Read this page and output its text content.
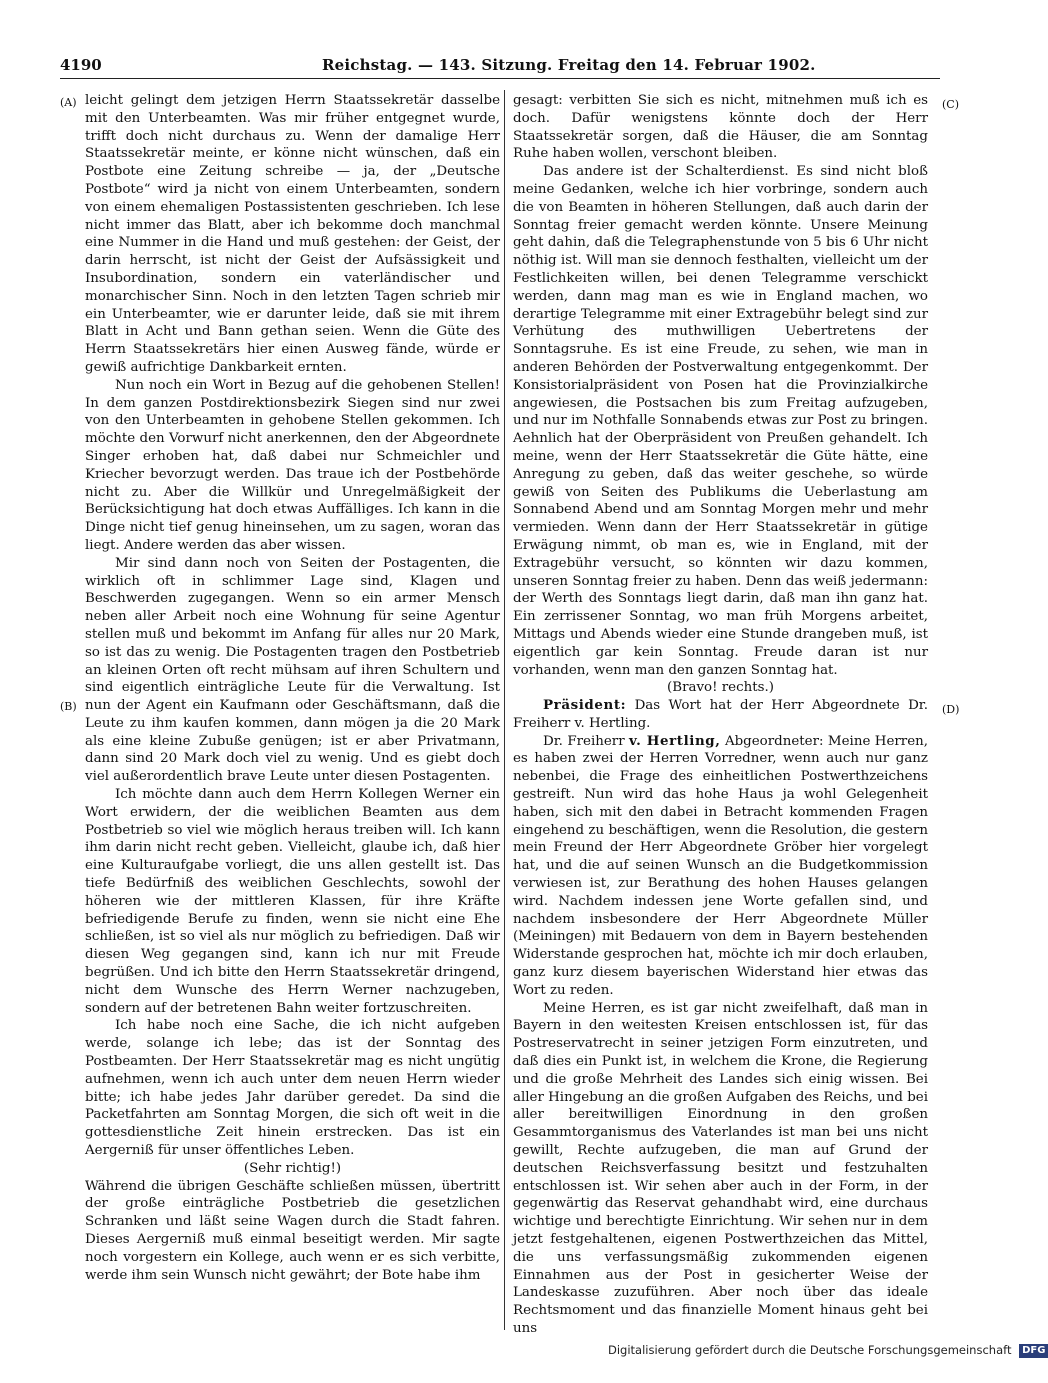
4190	Reichstag. — 143. Sitzung. Freitag den 14. Februar 1902.
(A)
(B)
(C)
(D)

leicht gelingt dem jetzigen Herrn Staatssekretär dasselbe mit den Unterbeamten. Was mir früher entgegnet wurde, trifft doch nicht durchaus zu. Wenn der damalige Herr Staatssekretär meinte, er könne nicht wünschen, daß ein Postbote eine Zeitung schreibe — ja, der „Deutsche Postbote“ wird ja nicht von einem Unterbeamten, sondern von einem ehemaligen Postassistenten geschrieben. Ich lese nicht immer das Blatt, aber ich bekomme doch manchmal eine Nummer in die Hand und muß gestehen: der Geist, der darin herrscht, ist nicht der Geist der Aufsässigkeit und Insubordination, sondern ein vaterländischer und monarchischer Sinn. Noch in den letzten Tagen schrieb mir ein Unterbeamter, wie er darunter leide, daß sie mit ihrem Blatt in Acht und Bann gethan seien. Wenn die Güte des Herrn Staatssekretärs hier einen Ausweg fände, würde er gewiß aufrichtige Dankbarkeit ernten.

Nun noch ein Wort in Bezug auf die gehobenen Stellen! In dem ganzen Postdirektionsbezirk Siegen sind nur zwei von den Unterbeamten in gehobene Stellen gekommen. Ich möchte den Vorwurf nicht anerkennen, den der Abgeordnete Singer erhoben hat, daß dabei nur Schmeichler und Kriecher bevorzugt werden. Das traue ich der Postbehörde nicht zu. Aber die Willkür und Unregelmäßigkeit der Berücksichtigung hat doch etwas Auffälliges. Ich kann in die Dinge nicht tief genug hineinsehen, um zu sagen, woran das liegt. Andere werden das aber wissen.

Mir sind dann noch von Seiten der Postagenten, die wirklich oft in schlimmer Lage sind, Klagen und Beschwerden zugegangen. Wenn so ein armer Mensch neben aller Arbeit noch eine Wohnung für seine Agentur stellen muß und bekommt im Anfang für alles nur 20 Mark, so ist das zu wenig. Die Postagenten tragen den Postbetrieb an kleinen Orten oft recht mühsam auf ihren Schultern und sind eigentlich einträgliche Leute für die Verwaltung. Ist nun der Agent ein Kaufmann oder Geschäftsmann, daß die Leute zu ihm kaufen kommen, dann mögen ja die 20 Mark als eine kleine Zubuße genügen; ist er aber Privatmann, dann sind 20 Mark doch viel zu wenig. Und es giebt doch viel außerordentlich brave Leute unter diesen Postagenten.

Ich möchte dann auch dem Herrn Kollegen Werner ein Wort erwidern, der die weiblichen Beamten aus dem Postbetrieb so viel wie möglich heraus treiben will. Ich kann ihm darin nicht recht geben. Vielleicht, glaube ich, daß hier eine Kulturaufgabe vorliegt, die uns allen gestellt ist. Das tiefe Bedürfniß des weiblichen Geschlechts, sowohl der höheren wie der mittleren Klassen, für ihre Kräfte befriedigende Berufe zu finden, wenn sie nicht eine Ehe schließen, ist so viel als nur möglich zu befriedigen. Daß wir diesen Weg gegangen sind, kann ich nur mit Freude begrüßen. Und ich bitte den Herrn Staatssekretär dringend, nicht dem Wunsche des Herrn Werner nachzugeben, sondern auf der betretenen Bahn weiter fortzuschreiten.

Ich habe noch eine Sache, die ich nicht aufgeben werde, solange ich lebe; das ist der Sonntag des Postbeamten. Der Herr Staatssekretär mag es nicht ungütig aufnehmen, wenn ich auch unter dem neuen Herrn wieder bitte; ich habe jedes Jahr darüber geredet. Da sind die Packetfahrten am Sonntag Morgen, die sich oft weit in die gottesdienstliche Zeit hinein erstrecken. Das ist ein Aergerniß für unser öffentliches Leben.

(Sehr richtig!)

Während die übrigen Geschäfte schließen müssen, übertritt der große einträgliche Postbetrieb die gesetzlichen Schranken und läßt seine Wagen durch die Stadt fahren. Dieses Aergerniß muß einmal beseitigt werden. Mir sagte noch vorgestern ein Kollege, auch wenn er es sich verbitte, werde ihm sein Wunsch nicht gewährt; der Bote habe ihm

gesagt: verbitten Sie sich es nicht, mitnehmen muß ich es doch. Dafür wenigstens könnte doch der Herr Staatssekretär sorgen, daß die Häuser, die am Sonntag Ruhe haben wollen, verschont bleiben.

Das andere ist der Schalterdienst. Es sind nicht bloß meine Gedanken, welche ich hier vorbringe, sondern auch die von Beamten in höheren Stellungen, daß auch darin der Sonntag freier gemacht werden könnte. Unsere Meinung geht dahin, daß die Telegraphenstunde von 5 bis 6 Uhr nicht nöthig ist. Will man sie dennoch festhalten, vielleicht um der Festlichkeiten willen, bei denen Telegramme verschickt werden, dann mag man es wie in England machen, wo derartige Telegramme mit einer Extragebühr belegt sind zur Verhütung des muthwilligen Uebertretens der Sonntagsruhe. Es ist eine Freude, zu sehen, wie man in anderen Behörden der Postverwaltung entgegenkommt. Der Konsistorialpräsident von Posen hat die Provinzialkirche angewiesen, die Postsachen bis zum Freitag aufzugeben, und nur im Nothfalle Sonnabends etwas zur Post zu bringen. Aehnlich hat der Oberpräsident von Preußen gehandelt. Ich meine, wenn der Herr Staatssekretär die Güte hätte, eine Anregung zu geben, daß das weiter geschehe, so würde gewiß von Seiten des Publikums die Ueberlastung am Sonnabend Abend und am Sonntag Morgen mehr und mehr vermieden. Wenn dann der Herr Staatssekretär in gütige Erwägung nimmt, ob man es, wie in England, mit der Extragebühr versucht, so könnten wir dazu kommen, unseren Sonntag freier zu haben. Denn das weiß jedermann: der Werth des Sonntags liegt darin, daß man ihn ganz hat. Ein zerrissener Sonntag, wo man früh Morgens arbeitet, Mittags und Abends wieder eine Stunde drangeben muß, ist eigentlich gar kein Sonntag. Freude daran ist nur vorhanden, wenn man den ganzen Sonntag hat.

(Bravo! rechts.)

Präsident: Das Wort hat der Herr Abgeordnete Dr. Freiherr v. Hertling.

Dr. Freiherr v. Hertling, Abgeordneter: Meine Herren, es haben zwei der Herren Vorredner, wenn auch nur ganz nebenbei, die Frage des einheitlichen Postwerthzeichens gestreift. Nun wird das hohe Haus ja wohl Gelegenheit haben, sich mit den dabei in Betracht kommenden Fragen eingehend zu beschäftigen, wenn die Resolution, die gestern mein Freund der Herr Abgeordnete Gröber hier vorgelegt hat, und die auf seinen Wunsch an die Budgetkommission verwiesen ist, zur Berathung des hohen Hauses gelangen wird. Nachdem indessen jene Worte gefallen sind, und nachdem insbesondere der Herr Abgeordnete Müller (Meiningen) mit Bedauern von dem in Bayern bestehenden Widerstande gesprochen hat, möchte ich mir doch erlauben, ganz kurz diesem bayerischen Widerstand hier etwas das Wort zu reden.

Meine Herren, es ist gar nicht zweifelhaft, daß man in Bayern in den weitesten Kreisen entschlossen ist, für das Postreservatrecht in seiner jetzigen Form einzutreten, und daß dies ein Punkt ist, in welchem die Krone, die Regierung und die große Mehrheit des Landes sich einig wissen. Bei aller Hingebung an die großen Aufgaben des Reichs, und bei aller bereitwilligen Einordnung in den großen Gesammtorganismus des Vaterlandes ist man bei uns nicht gewillt, Rechte aufzugeben, die man auf Grund der deutschen Reichsverfassung besitzt und festzuhalten entschlossen ist. Wir sehen aber auch in der Form, in der gegenwärtig das Reservat gehandhabt wird, eine durchaus wichtige und berechtigte Einrichtung. Wir sehen nur in dem jetzt festgehaltenen, eigenen Postwerthzeichen das Mittel, die uns verfassungsmäßig zukommenden eigenen Einnahmen aus der Post in gesicherter Weise der Landeskasse zuzuführen. Aber noch über das ideale Rechtsmoment und das finanzielle Moment hinaus geht bei uns

Digitalisierung gefördert durch die Deutsche Forschungsgemeinschaft DFG
